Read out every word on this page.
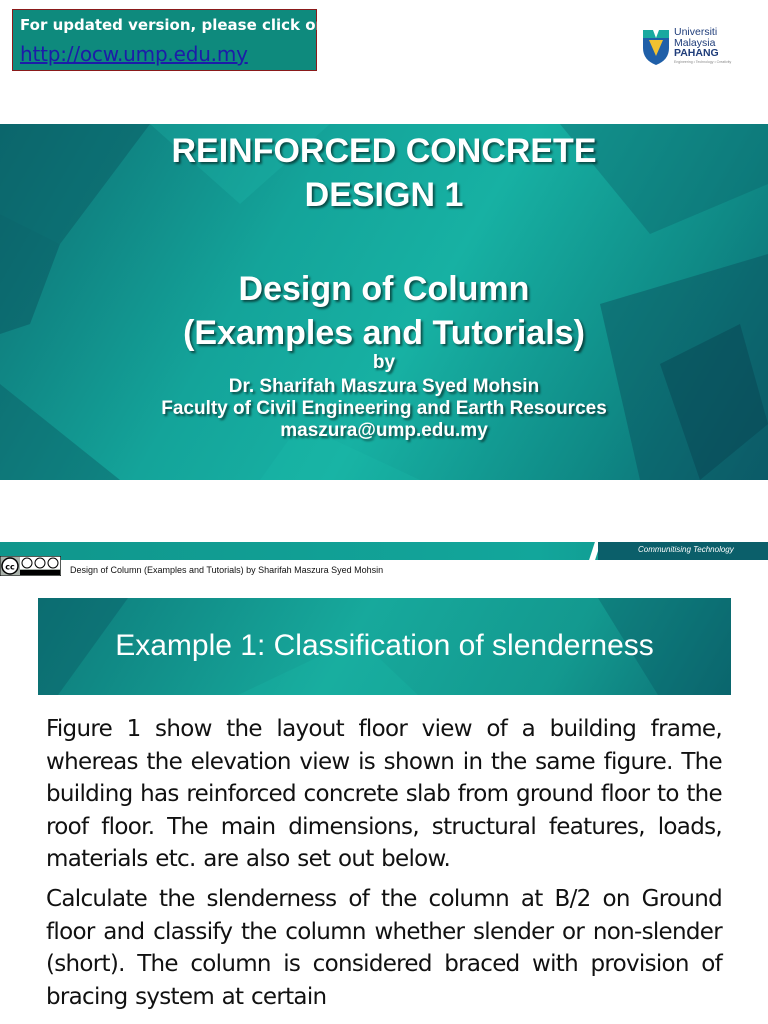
For updated version, please click on
http://ocw.ump.edu.my
Universiti
Malaysia
PAHANG
Engineering • Technology • Creativity
REINFORCED CONCRETE
DESIGN 1
Design of Column
(Examples and Tutorials)
by
Dr. Sharifah Maszura Syed Mohsin
Faculty of Civil Engineering and Earth Resources
maszura@ump.edu.my
Communitising Technology
cc	Design of Column (Examples and Tutorials) by Sharifah Maszura Syed Mohsin
Example 1: Classification of slenderness

Figure 1 show the layout floor view of a building frame, whereas the elevation view is shown in the same figure. The building has reinforced concrete slab from ground floor to the roof floor. The main dimensions, structural features, loads, materials etc. are also set out below.

Calculate the slenderness of the column at B/2 on Ground floor and classify the column whether slender or non-slender (short). The column is considered braced with provision of bracing system at certain
